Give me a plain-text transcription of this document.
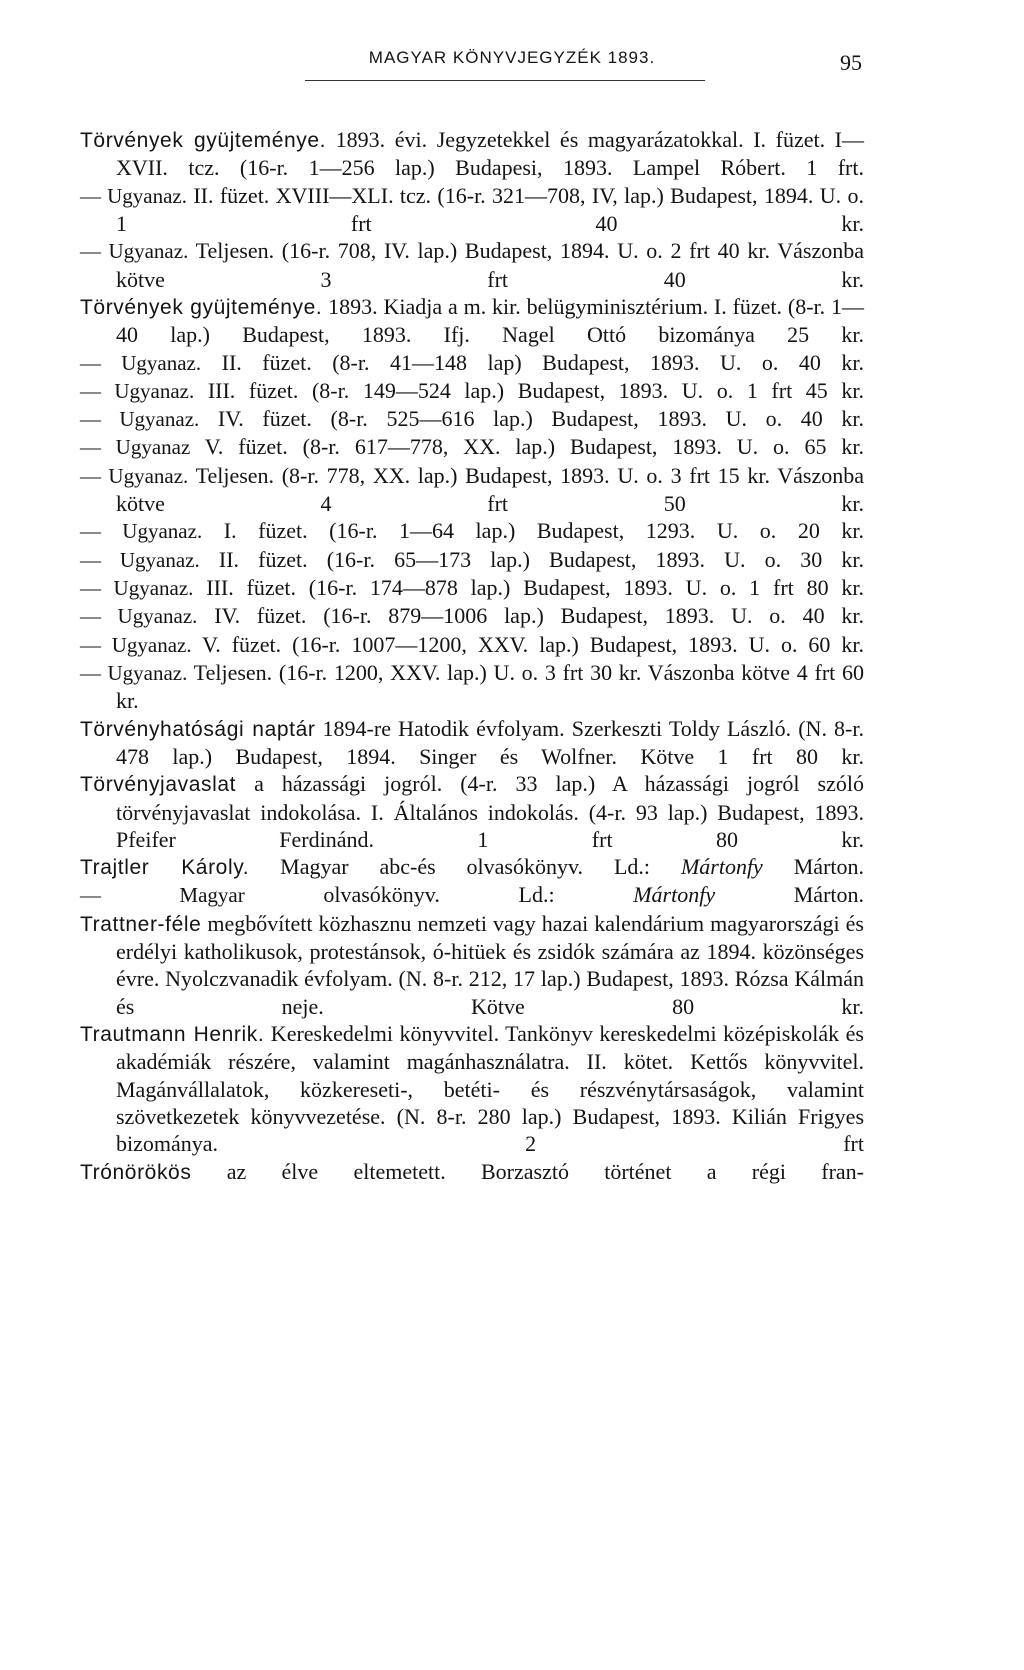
MAGYAR KÖNYVJEGYZÉK 1893.	95

Törvények gyüjteménye. 1893. évi. Jegyzetekkel és magyarázatokkal. I. füzet. I—XVII. tcz. (16-r. 1—256 lap.) Budapesi, 1893. Lampel Róbert. 1 frt.

— Ugyanaz. II. füzet. XVIII—XLI. tcz. (16-r. 321—708, IV, lap.) Budapest, 1894. U. o. 1 frt 40 kr.

— Ugyanaz. Teljesen. (16-r. 708, IV. lap.) Budapest, 1894. U. o. 2 frt 40 kr. Vászonba kötve 3 frt 40 kr.

Törvények gyüjteménye. 1893. Kiadja a m. kir. belügyminisztérium. I. füzet. (8-r. 1—40 lap.) Budapest, 1893. Ifj. Nagel Ottó bizománya 25 kr.

— Ugyanaz. II. füzet. (8-r. 41—148 lap) Budapest, 1893. U. o. 40 kr.

— Ugyanaz. III. füzet. (8-r. 149—524 lap.) Budapest, 1893. U. o. 1 frt 45 kr.

— Ugyanaz. IV. füzet. (8-r. 525—616 lap.) Budapest, 1893. U. o. 40 kr.

— Ugyanaz V. füzet. (8-r. 617—778, XX. lap.) Budapest, 1893. U. o. 65 kr.

— Ugyanaz. Teljesen. (8-r. 778, XX. lap.) Budapest, 1893. U. o. 3 frt 15 kr. Vászonba kötve 4 frt 50 kr.

— Ugyanaz. I. füzet. (16-r. 1—64 lap.) Budapest, 1293. U. o. 20 kr.

— Ugyanaz. II. füzet. (16-r. 65—173 lap.) Budapest, 1893. U. o. 30 kr.

— Ugyanaz. III. füzet. (16-r. 174—878 lap.) Budapest, 1893. U. o. 1 frt 80 kr.

— Ugyanaz. IV. füzet. (16-r. 879—1006 lap.) Budapest, 1893. U. o. 40 kr.

— Ugyanaz. V. füzet. (16-r. 1007—1200, XXV. lap.) Budapest, 1893. U. o. 60 kr.

— Ugyanaz. Teljesen. (16-r. 1200, XXV. lap.) U. o. 3 frt 30 kr. Vászonba kötve 4 frt 60 kr.

Törvényhatósági naptár 1894-re Hatodik évfolyam. Szerkeszti Toldy László. (N. 8-r. 478 lap.) Budapest, 1894. Singer és Wolfner. Kötve 1 frt 80 kr.

Törvényjavaslat a házassági jogról. (4-r. 33 lap.) A házassági jogról szóló törvényjavaslat indokolása. I. Általános indokolás. (4-r. 93 lap.) Budapest, 1893. Pfeifer Ferdinánd. 1 frt 80 kr.

Trajtler Károly. Magyar abc-és olvasókönyv. Ld.: Mártonfy Márton.

— Magyar olvasókönyv. Ld.: Mártonfy Márton.

Trattner-féle megbővített közhasznu nemzeti vagy hazai kalendárium magyarországi és erdélyi katholikusok, protestánsok, ó-hitüek és zsidók számára az 1894. közönséges évre. Nyolczvanadik évfolyam. (N. 8-r. 212, 17 lap.) Budapest, 1893. Rózsa Kálmán és neje. Kötve 80 kr.

Trautmann Henrik. Kereskedelmi könyvvitel. Tankönyv kereskedelmi középiskolák és akadémiák részére, valamint magánhasználatra. II. kötet. Kettős könyvvitel. Magánvállalatok, közkereseti-, betéti- és részvénytársaságok, valamint szövetkezetek könyvvezetése. (N. 8-r. 280 lap.) Budapest, 1893. Kilián Frigyes bizománya. 2 frt

Trónörökös az élve eltemetett. Borzasztó történet a régi fran-
